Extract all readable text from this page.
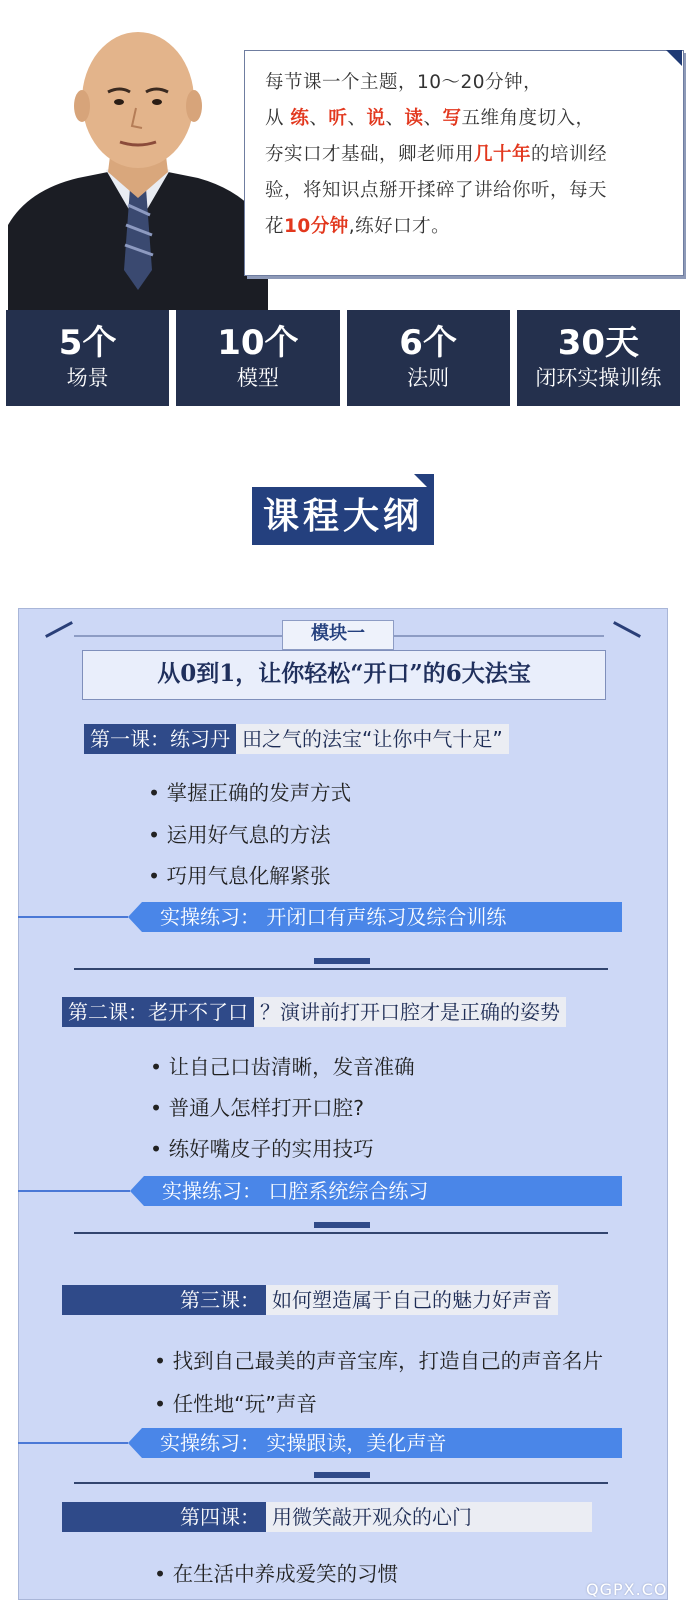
每节课一个主题，10～20分钟，
从 练、听、说、读、写五维角度切入，
夯实口才基础，卿老师用几十年的培训经
验，将知识点掰开揉碎了讲给你听，每天
花10分钟,练好口才。
5个
场景
10个
模型
6个
法则
30天
闭环实操训练
课程大纲
模块一
从0到1，让你轻松“开口”的6大法宝
第一课：练习丹 田之气的法宝“让你中气十足”
• 掌握正确的发声方式
• 运用好气息的方法
• 巧用气息化解紧张
实操练习： 开闭口有声练习及综合训练
第二课：老开不了口 ？演讲前打开口腔才是正确的姿势
• 让自己口齿清晰，发音准确
• 普通人怎样打开口腔?
• 练好嘴皮子的实用技巧
实操练习： 口腔系统综合练习
第三课： 如何塑造属于自己的魅力好声音
• 找到自己最美的声音宝库，打造自己的声音名片
• 任性地“玩”声音
实操练习： 实操跟读，美化声音
第四课： 用微笑敲开观众的心门
• 在生活中养成爱笑的习惯
QGPX.CO
